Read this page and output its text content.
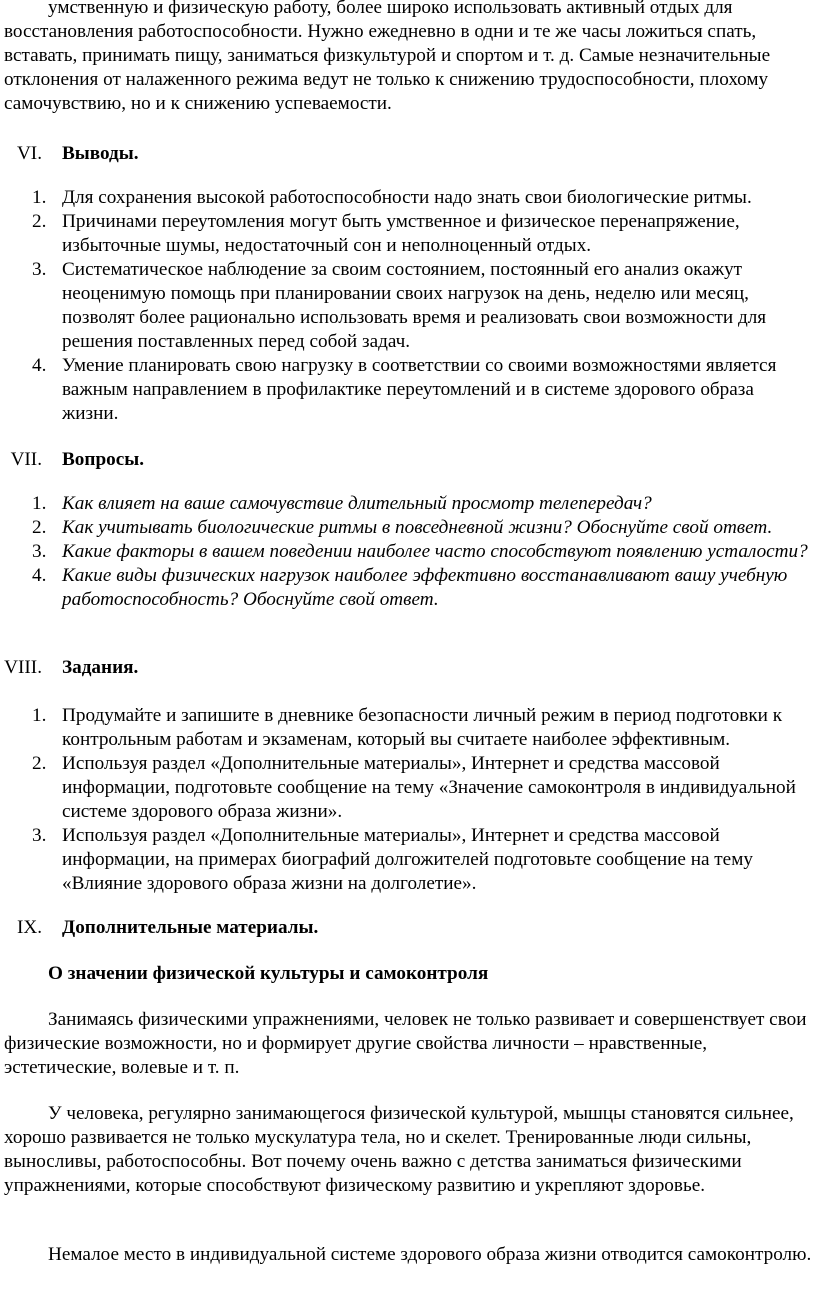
умственную и физическую работу, более широко использовать активный отдых для восстановления работоспособности. Нужно ежедневно в одни и те же часы ложиться спать, вставать, принимать пищу, заниматься физкультурой и спортом и т. д. Самые незначительные отклонения от налаженного режима ведут не только к снижению трудоспособности, плохому самочувствию, но и к снижению успеваемости.

VI. Выводы.
1. Для сохранения высокой работоспособности надо знать свои биологические ритмы.
2. Причинами переутомления могут быть умственное и физическое перенапряжение, избыточные шумы, недостаточный сон и неполноценный отдых.
3. Систематическое наблюдение за своим состоянием, постоянный его анализ окажут неоценимую помощь при планировании своих нагрузок на день, неделю или месяц, позволят более рационально использовать время и реализовать свои возможности для решения поставленных перед собой задач.
4. Умение планировать свою нагрузку в соответствии со своими возможностями является важным направлением в профилактике переутомлений и в системе здорового образа жизни.
VII. Вопросы.
1. Как влияет на ваше самочувствие длительный просмотр телепередач?
2. Как учитывать биологические ритмы в повседневной жизни? Обоснуйте свой ответ.
3. Какие факторы в вашем поведении наиболее часто способствуют появлению усталости?
4. Какие виды физических нагрузок наиболее эффективно восстанавливают вашу учебную работоспособность? Обоснуйте свой ответ.
VIII. Задания.
1. Продумайте и запишите в дневнике безопасности личный режим в период подготовки к контрольным работам и экзаменам, который вы считаете наиболее эффективным.
2. Используя раздел «Дополнительные материалы», Интернет и средства массовой информации, подготовьте сообщение на тему «Значение самоконтроля в индивидуальной системе здорового образа жизни».
3. Используя раздел «Дополнительные материалы», Интернет и средства массовой информации, на примерах биографий долгожителей подготовьте сообщение на тему «Влияние здорового образа жизни на долголетие».
IX. Дополнительные материалы.

О значении физической культуры и самоконтроля

Занимаясь физическими упражнениями, человек не только развивает и совершенствует свои физические возможности, но и формирует другие свойства личности – нравственные, эстетические, волевые и т. п.

У человека, регулярно занимающегося физической культурой, мышцы становятся сильнее, хорошо развивается не только мускулатура тела, но и скелет. Тренированные люди сильны, выносливы, работоспособны. Вот почему очень важно с детства заниматься физическими упражнениями, которые способствуют физическому развитию и укрепляют здоровье.

Немалое место в индивидуальной системе здорового образа жизни отводится самоконтролю.
